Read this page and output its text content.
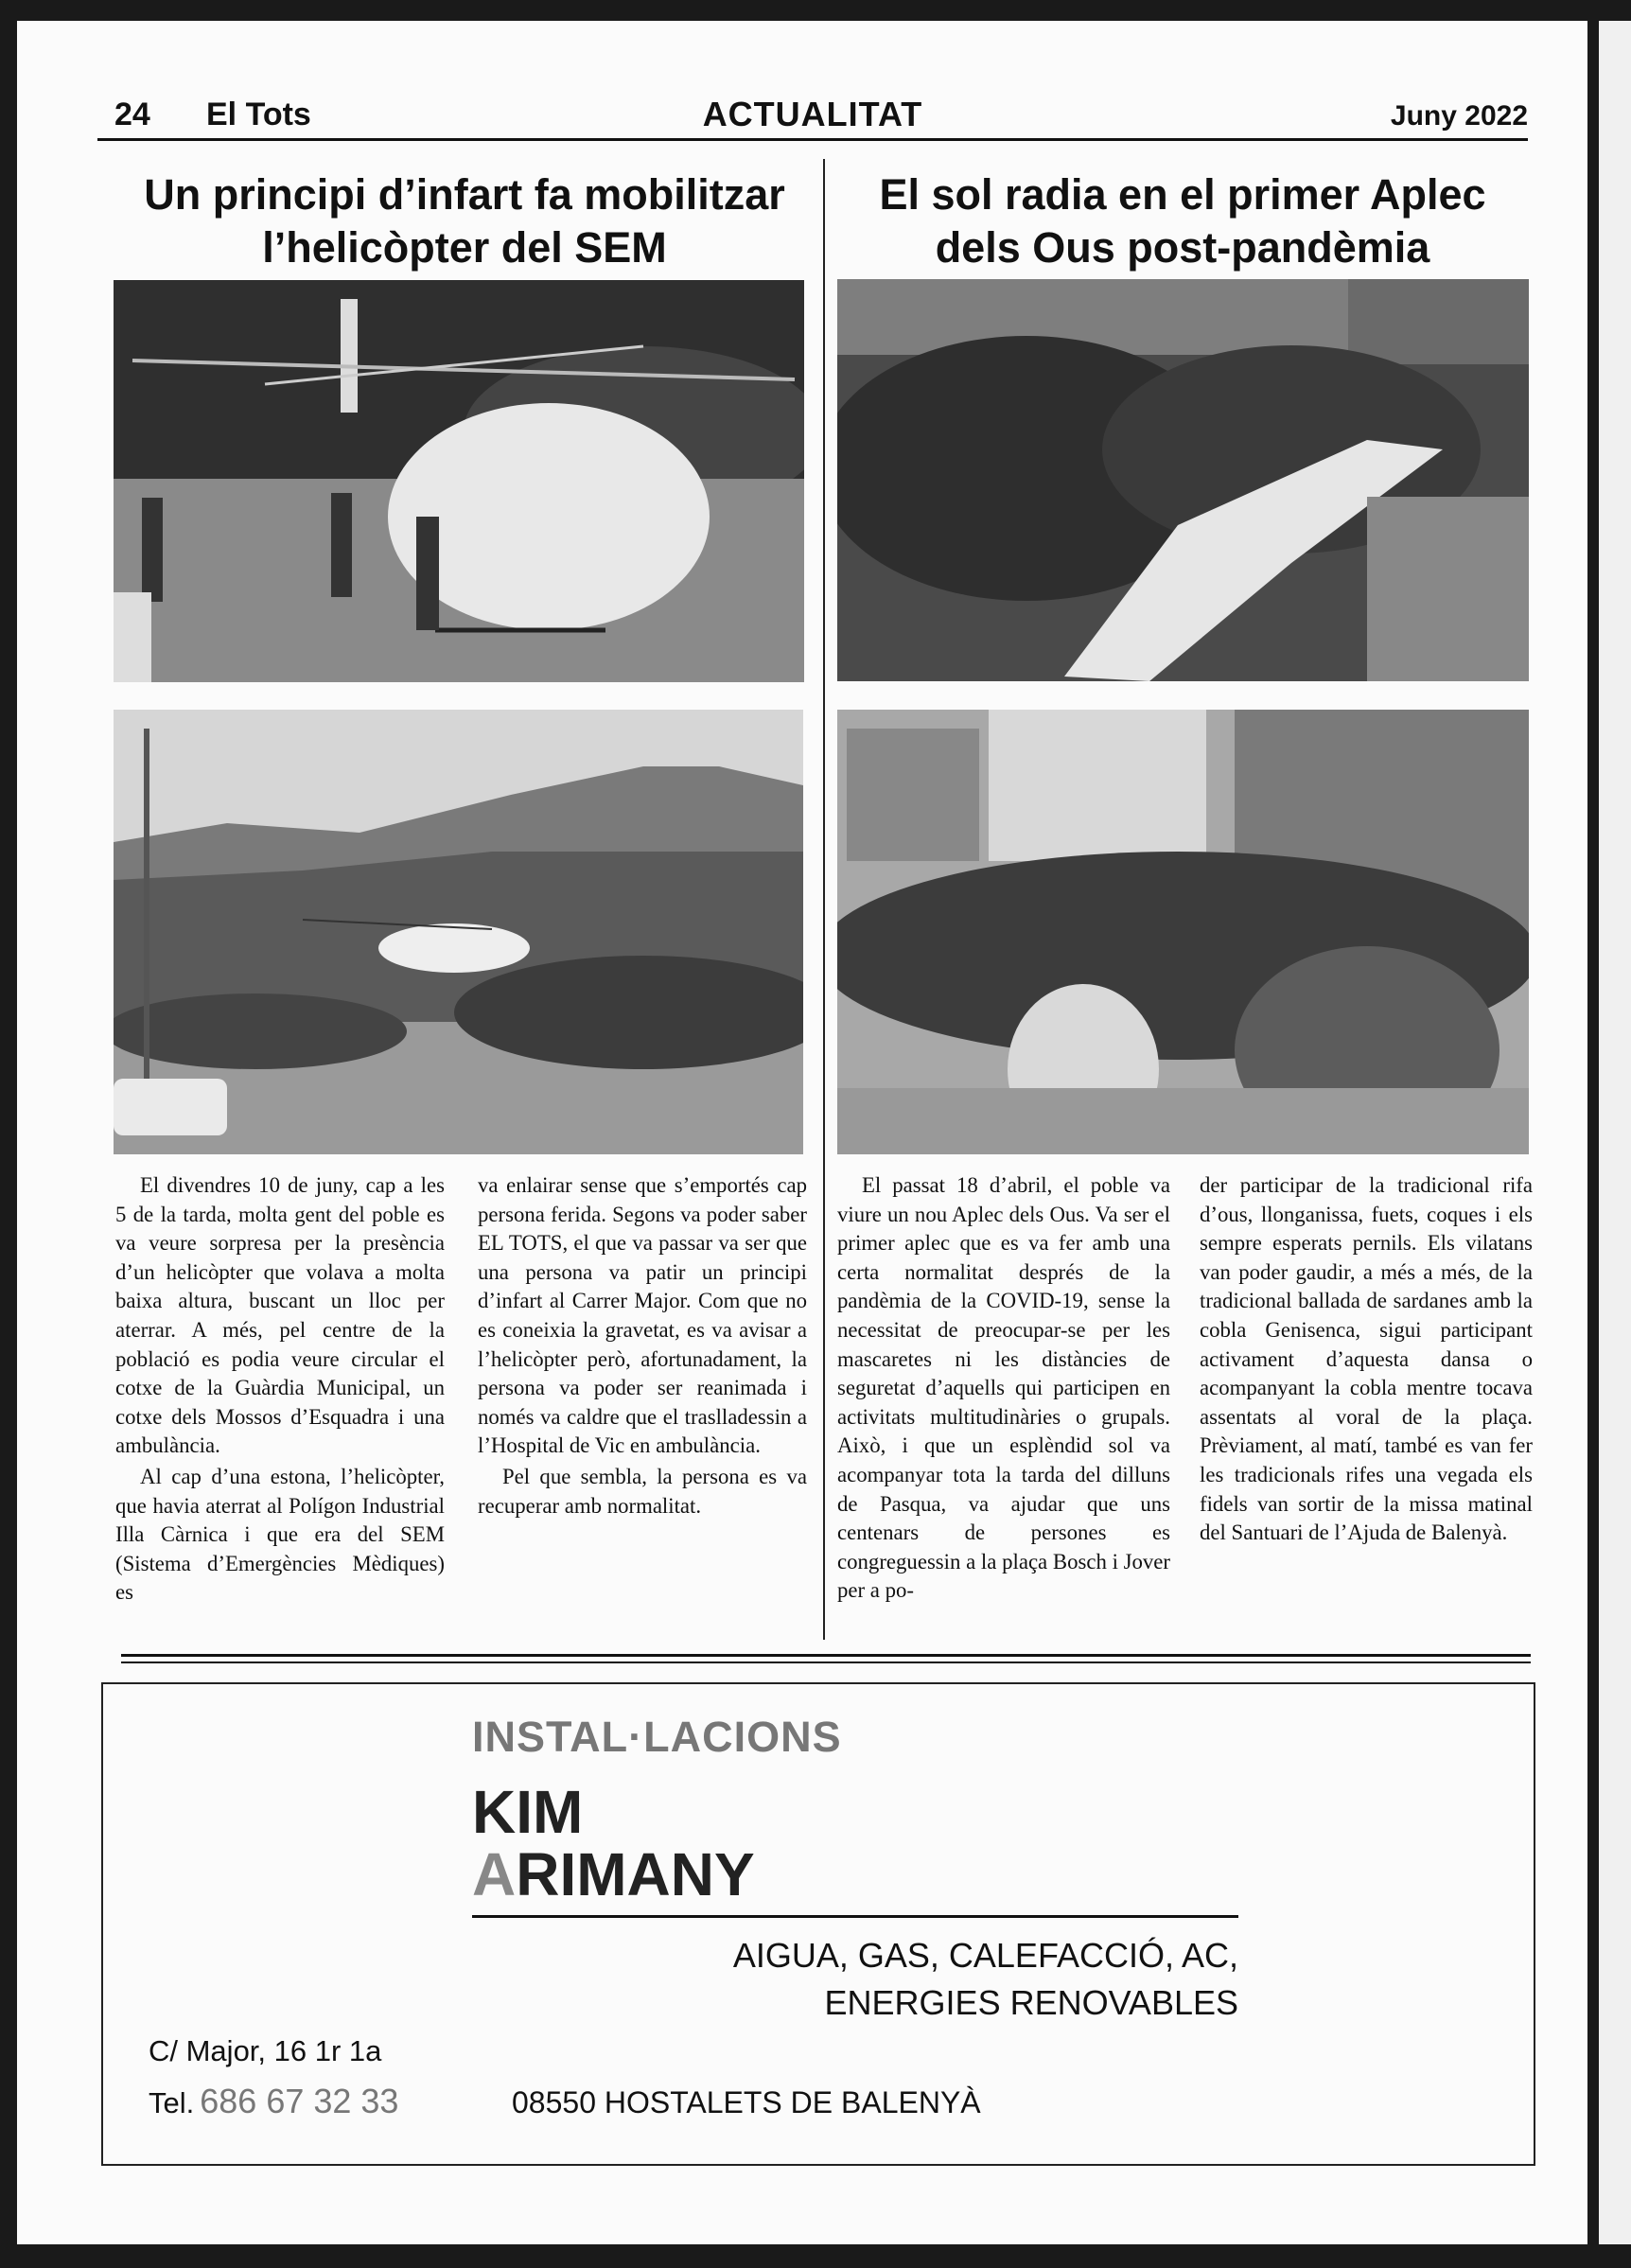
24 El Tots	ACTUALITAT	Juny 2022
Un principi d’infart fa mobilitzar l’helicòpter del SEM

El divendres 10 de juny, cap a les 5 de la tarda, molta gent del poble es va veure sorpresa per la presència d’un helicòpter que volava a molta baixa altura, buscant un lloc per aterrar. A més, pel centre de la població es podia veure circular el cotxe de la Guàrdia Municipal, un cotxe dels Mossos d’Esquadra i una ambulància.

Al cap d’una estona, l’helicòpter, que havia aterrat al Polígon Industrial Illa Càrnica i que era del SEM (Sistema d’Emergències Mèdiques) es

va enlairar sense que s’emportés cap persona ferida. Segons va poder saber EL TOTS, el que va passar va ser que una persona va patir un principi d’infart al Carrer Major. Com que no es coneixia la gravetat, es va avisar a l’helicòpter però, afortunadament, la persona va poder ser reanimada i només va caldre que el traslladessin a l’Hospital de Vic en ambulància.

Pel que sembla, la persona es va recuperar amb normalitat.

El sol radia en el primer Aplec dels Ous post-pandèmia

El passat 18 d’abril, el poble va viure un nou Aplec dels Ous. Va ser el primer aplec que es va fer amb una certa normalitat després de la pandèmia de la COVID-19, sense la necessitat de preocupar-se per les mascaretes ni les distàncies de seguretat d’aquells qui participen en activitats multitudinàries o grupals. Això, i que un esplèndid sol va acompanyar tota la tarda del dilluns de Pasqua, va ajudar que uns centenars de persones es congreguessin a la plaça Bosch i Jover per a po-

der participar de la tradicional rifa d’ous, llonganissa, fuets, coques i els sempre esperats pernils. Els vilatans van poder gaudir, a més a més, de la tradicional ballada de sardanes amb la cobla Genisenca, sigui participant activament d’aquesta dansa o acompanyant la cobla mentre tocava assentats al voral de la plaça. Prèviament, al matí, també es van fer les tradicionals rifes una vegada els fidels van sortir de la missa matinal del Santuari de l’Ajuda de Balenyà.

INSTAL·LACIONS
KIM
ARIMANY
AIGUA, GAS, CALEFACCIÓ, AC,
ENERGIES RENOVABLES
C/ Major, 16 1r 1a
Tel. 686 67 32 33	08550 HOSTALETS DE BALENYÀ
